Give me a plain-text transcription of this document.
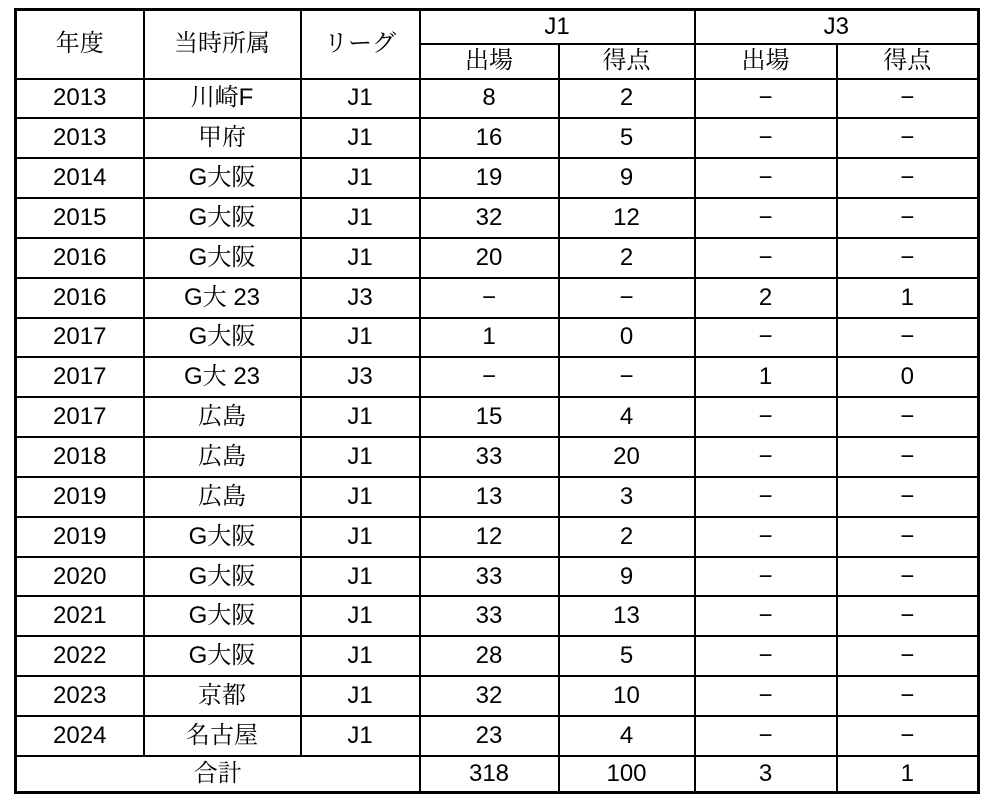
年度	当時所属	リーグ	J1		J3	
			出場	得点	出場	得点
2013	川崎F	J1	8	2	−	−
2013	甲府	J1	16	5	−	−
2014	G大阪	J1	19	9	−	−
2015	G大阪	J1	32	12	−	−
2016	G大阪	J1	20	2	−	−
2016	G大 23	J3	−	−	2	1
2017	G大阪	J1	1	0	−	−
2017	G大 23	J3	−	−	1	0
2017	広島	J1	15	4	−	−
2018	広島	J1	33	20	−	−
2019	広島	J1	13	3	−	−
2019	G大阪	J1	12	2	−	−
2020	G大阪	J1	33	9	−	−
2021	G大阪	J1	33	13	−	−
2022	G大阪	J1	28	5	−	−
2023	京都	J1	32	10	−	−
2024	名古屋	J1	23	4	−	−
合計			318	100	3	1
